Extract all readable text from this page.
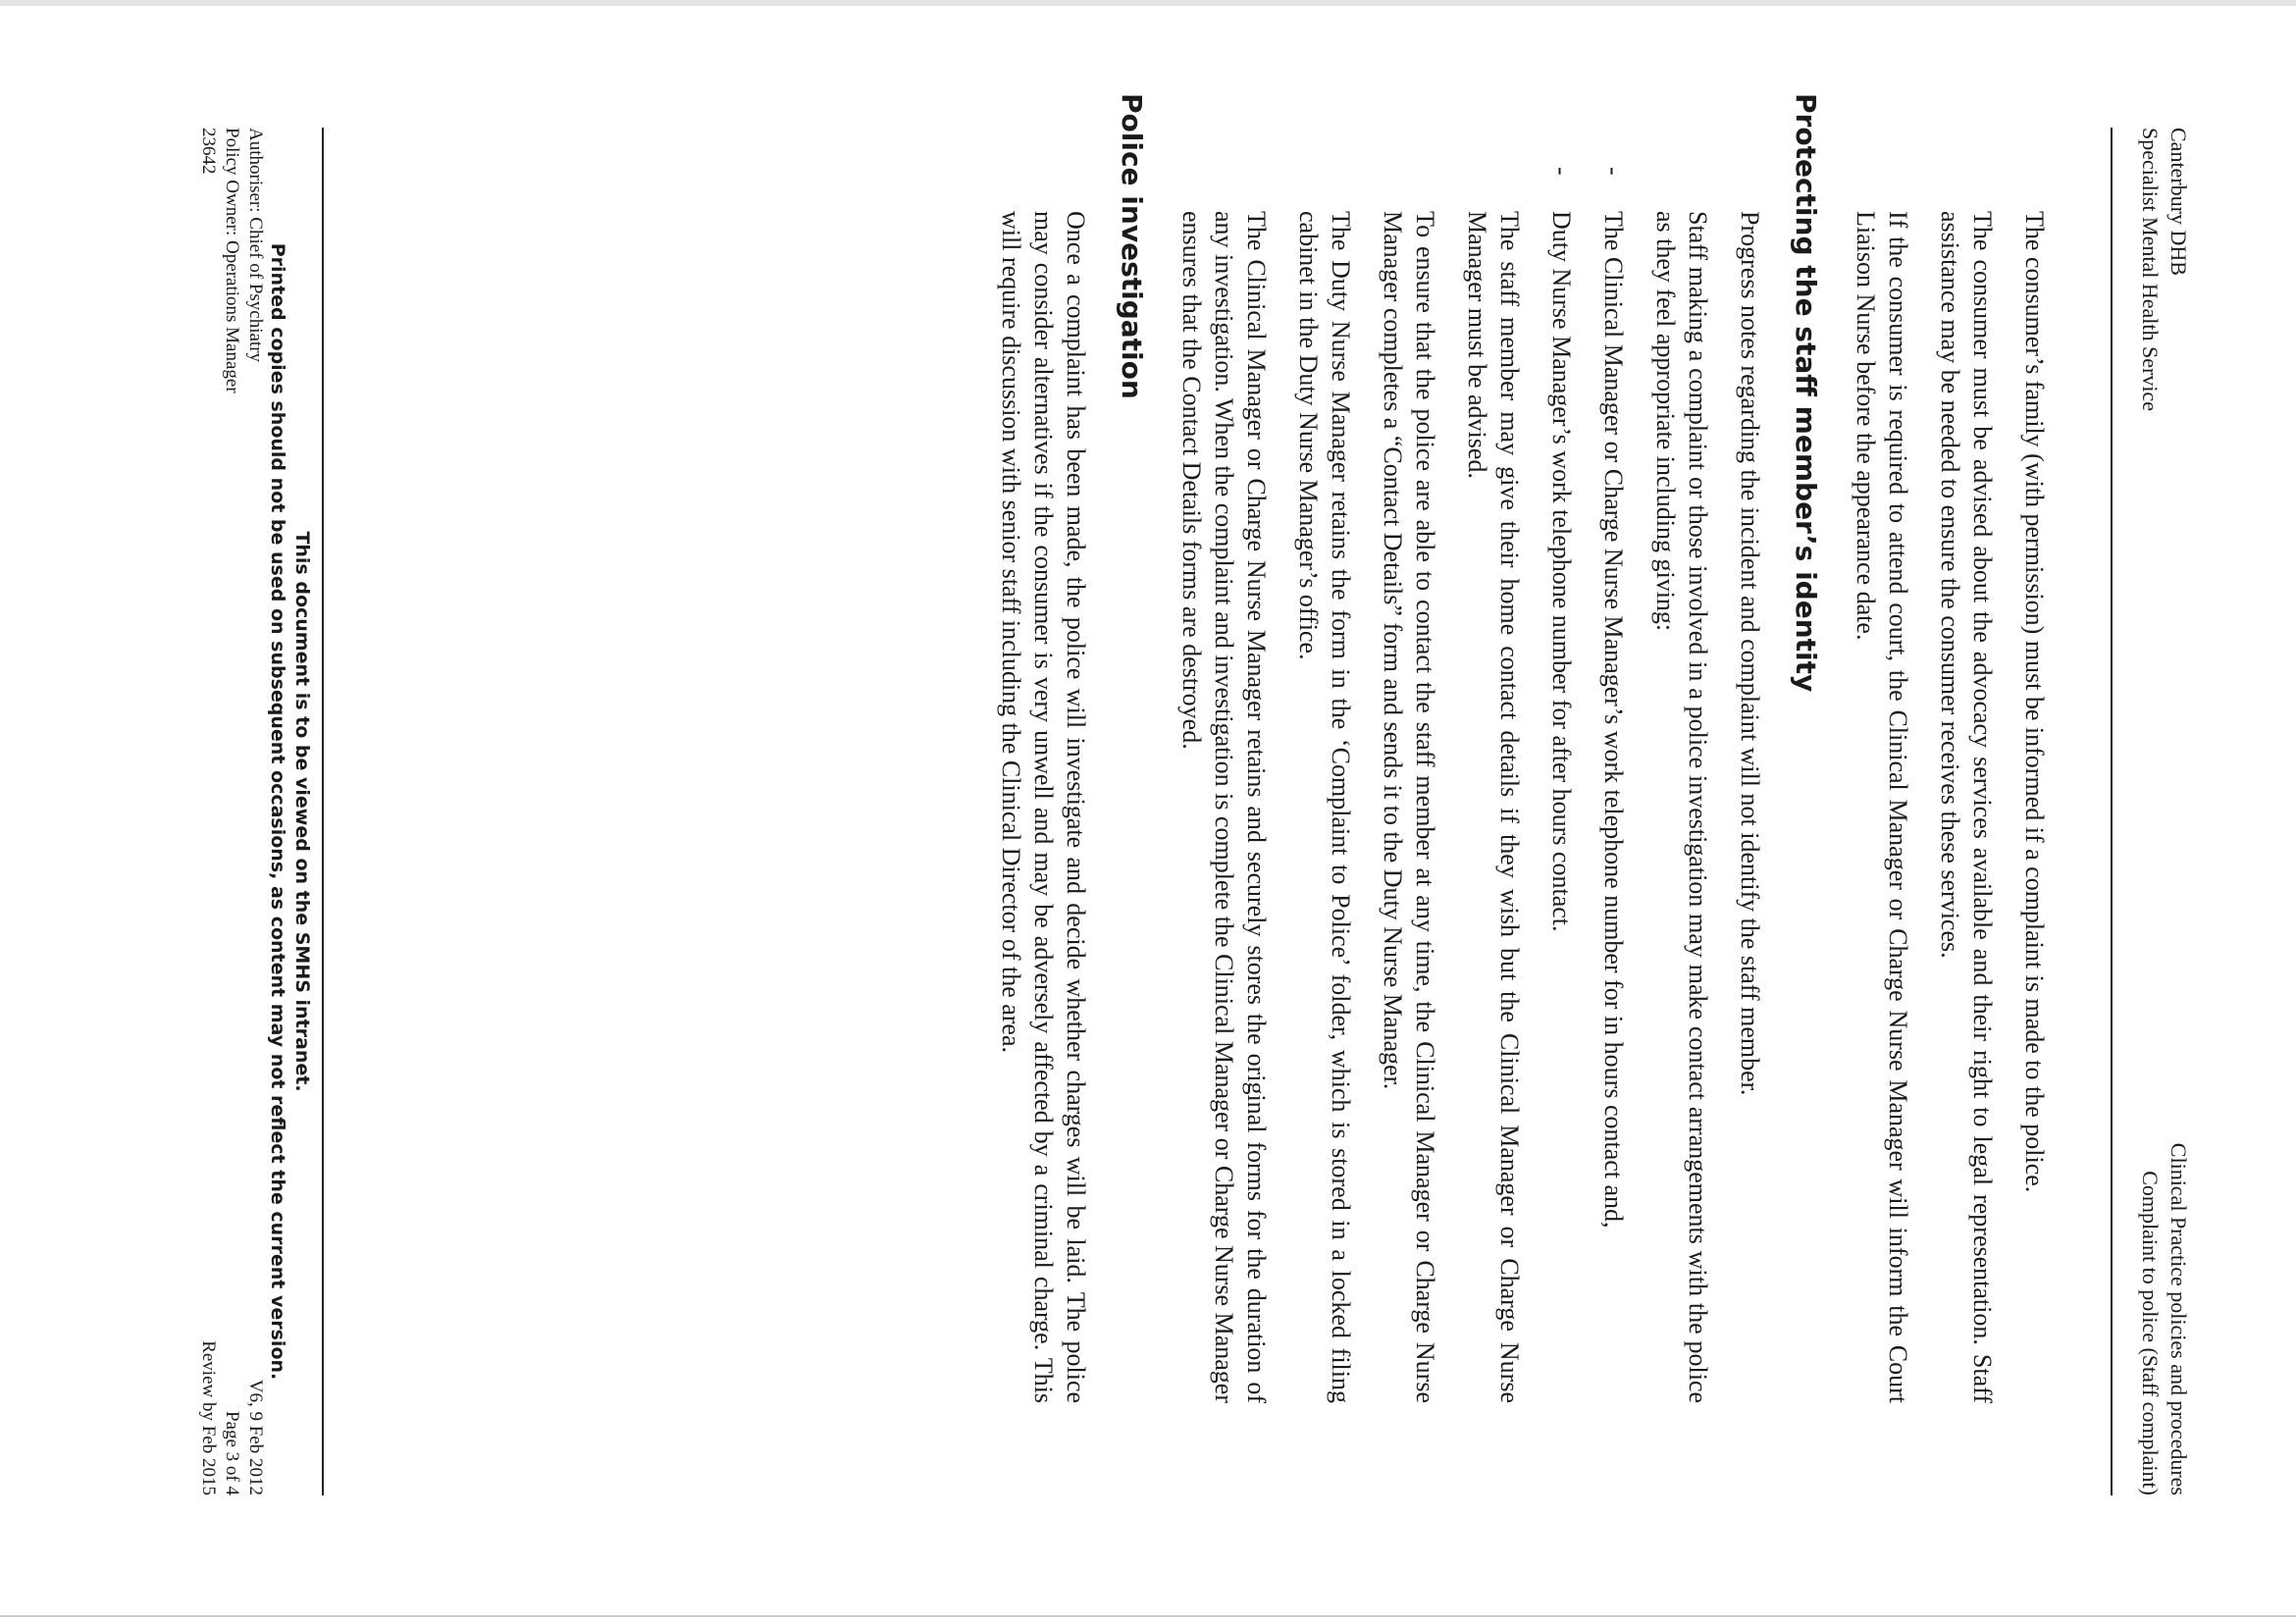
Canterbury DHB
Specialist Mental Health Service
Clinical Practice policies and procedures
Complaint to police (Staff complaint)

The consumer’s family (with permission) must be informed if a complaint is made to the police.

The consumer must be advised about the advocacy services available and their right to legal representation. Staff assistance may be needed to ensure the consumer receives these services.

If the consumer is required to attend court, the Clinical Manager or Charge Nurse Manager will inform the Court Liaison Nurse before the appearance date.

Protecting the staff member’s identity

Progress notes regarding the incident and complaint will not identify the staff member.

Staff making a complaint or those involved in a police investigation may make contact arrangements with the police as they feel appropriate including giving:

-
The Clinical Manager or Charge Nurse Manager’s work telephone number for in hours contact and,

-
Duty Nurse Manager’s work telephone number for after hours contact.

The staff member may give their home contact details if they wish but the Clinical Manager or Charge Nurse Manager must be advised.

To ensure that the police are able to contact the staff member at any time, the Clinical Manager or Charge Nurse Manager completes a “Contact Details” form and sends it to the Duty Nurse Manager.

The Duty Nurse Manager retains the form in the ‘Complaint to Police’ folder, which is stored in a locked filing cabinet in the Duty Nurse Manager’s office.

The Clinical Manager or Charge Nurse Manager retains and securely stores the original forms for the duration of any investigation. When the complaint and investigation is complete the Clinical Manager or Charge Nurse Manager ensures that the Contact Details forms are destroyed.

Police investigation

Once a complaint has been made, the police will investigate and decide whether charges will be laid. The police may consider alternatives if the consumer is very unwell and may be adversely affected by a criminal charge. This will require discussion with senior staff including the Clinical Director of the area.

This document is to be viewed on the SMHS intranet.
Printed copies should not be used on subsequent occasions, as content may not reflect the current version.
Authoriser: Chief of Psychiatry
Policy Owner: Operations Manager
23642
V6, 9 Feb 2012
Page 3 of 4
Review by Feb 2015
